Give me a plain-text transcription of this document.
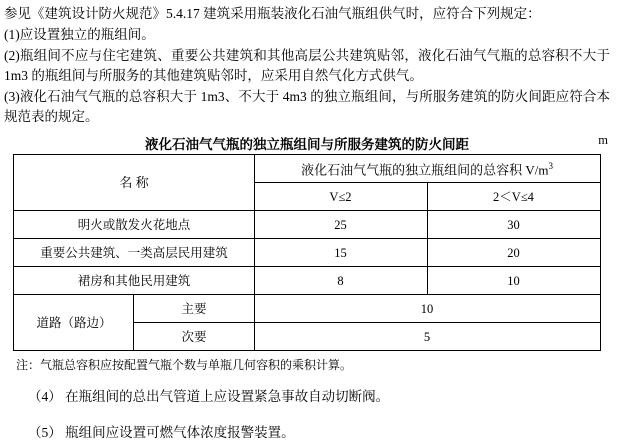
参见《建筑设计防火规范》5.4.17 建筑采用瓶装液化石油气瓶组供气时，应符合下列规定：

(1)应设置独立的瓶组间。

(2)瓶组间不应与住宅建筑、重要公共建筑和其他高层公共建筑贴邻，液化石油气气瓶的总容积不大于 1m3 的瓶组间与所服务的其他建筑贴邻时，应采用自然气化方式供气。

(3)液化石油气气瓶的总容积大于 1m3、不大于 4m3 的独立瓶组间，与所服务建筑的防火间距应符合本规范表的规定。

液化石油气气瓶的独立瓶组间与所服务建筑的防火间距	m
名 称		液化石油气气瓶的独立瓶组间的总容积 $V/m^3$
		V≤2	2＜V≤4
明火或散发火花地点		25	30
重要公共建筑、一类高层民用建筑		15	20
裙房和其他民用建筑		8	10
道路（路边）	主要	10	
	次要	5	

注：气瓶总容积应按配置气瓶个数与单瓶几何容积的乘积计算。

（4） 在瓶组间的总出气管道上应设置紧急事故自动切断阀。

（5） 瓶组间应设置可燃气体浓度报警装置。
